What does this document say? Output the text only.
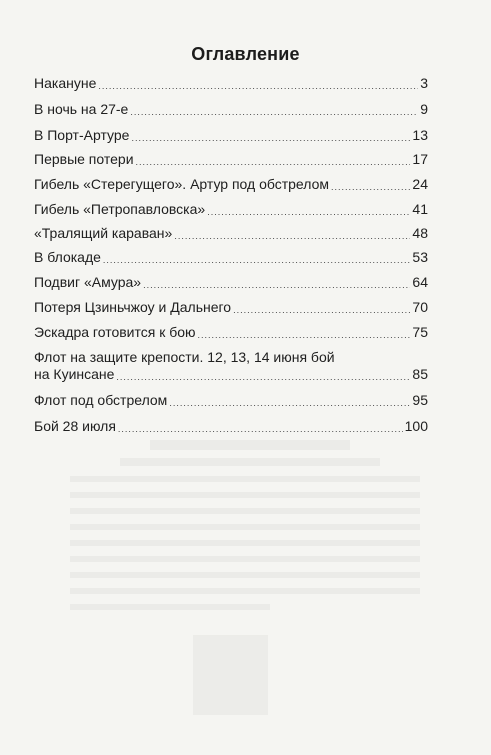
Оглавление
Накануне .....	3
В ночь на 27-е .....	9
В Порт-Артуре .....	13
Первые потери .....	17
Гибель «Стерегущего». Артур под обстрелом .....	24
Гибель «Петропавловска» .....	41
«Тралящий караван» .....	48
В блокаде .....	53
Подвиг «Амура» .....	64
Потеря Цзиньчжоу и Дальнего .....	70
Эскадра готовится к бою .....	75
Флот на защите крепости. 12, 13, 14 июня бой
на Куинсане .....	85
Флот под обстрелом .....	95
Бой 28 июля .....	100
